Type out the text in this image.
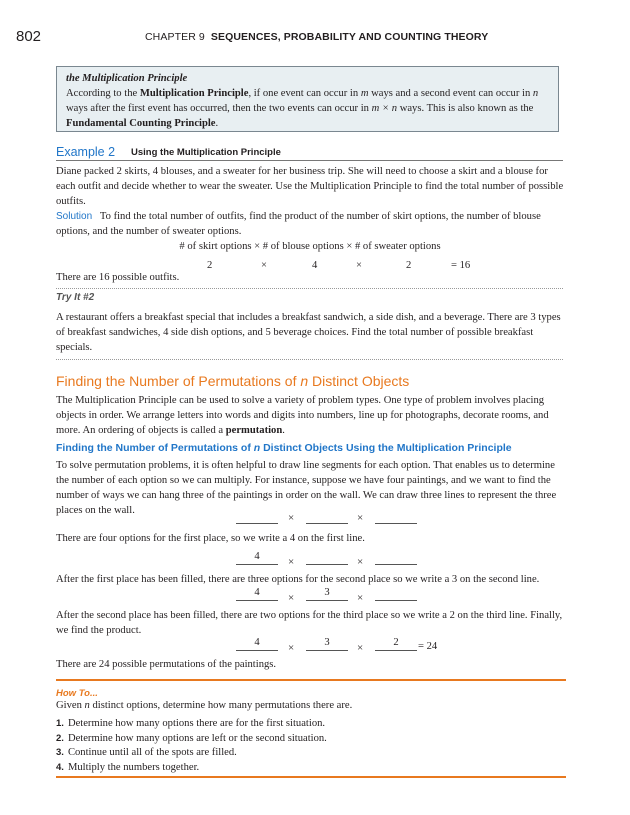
802	CHAPTER 9 SEQUENCES, PROBABILITY AND COUNTING THEORY
the Multiplication Principle

According to the Multiplication Principle, if one event can occur in m ways and a second event can occur in n ways after the first event has occurred, then the two events can occur in m × n ways. This is also known as the Fundamental Counting Principle.

Example 2 Using the Multiplication Principle

Diane packed 2 skirts, 4 blouses, and a sweater for her business trip. She will need to choose a skirt and a blouse for each outfit and decide whether to wear the sweater. Use the Multiplication Principle to find the total number of possible outfits.

Solution To find the total number of outfits, find the product of the number of skirt options, the number of blouse options, and the number of sweater options.

# of skirt options × # of blouse options × # of sweater options
2	×	4	×	2	= 16

There are 16 possible outfits.

Try It #2

A restaurant offers a breakfast special that includes a breakfast sandwich, a side dish, and a beverage. There are 3 types of breakfast sandwiches, 4 side dish options, and 5 beverage choices. Find the total number of possible breakfast specials.

Finding the Number of Permutations of n Distinct Objects

The Multiplication Principle can be used to solve a variety of problem types. One type of problem involves placing objects in order. We arrange letters into words and digits into numbers, line up for photographs, decorate rooms, and more. An ordering of objects is called a permutation.

Finding the Number of Permutations of n Distinct Objects Using the Multiplication Principle

To solve permutation problems, it is often helpful to draw line segments for each option. That enables us to determine the number of each option so we can multiply. For instance, suppose we have four paintings, and we want to find the number of ways we can hang three of the paintings in order on the wall. We can draw three lines to represent the three places on the wall.

×	×

There are four options for the first place, so we write a 4 on the first line.

4	×	×

After the first place has been filled, there are three options for the second place so we write a 3 on the second line.

4	×	3	×

After the second place has been filled, there are two options for the third place so we write a 2 on the third line. Finally, we find the product.

4	×	3	×	2	= 24

There are 24 possible permutations of the paintings.

How To...

Given n distinct options, determine how many permutations there are.

1. Determine how many options there are for the first situation.
2. Determine how many options are left or the second situation.
3. Continue until all of the spots are filled.
4. Multiply the numbers together.
